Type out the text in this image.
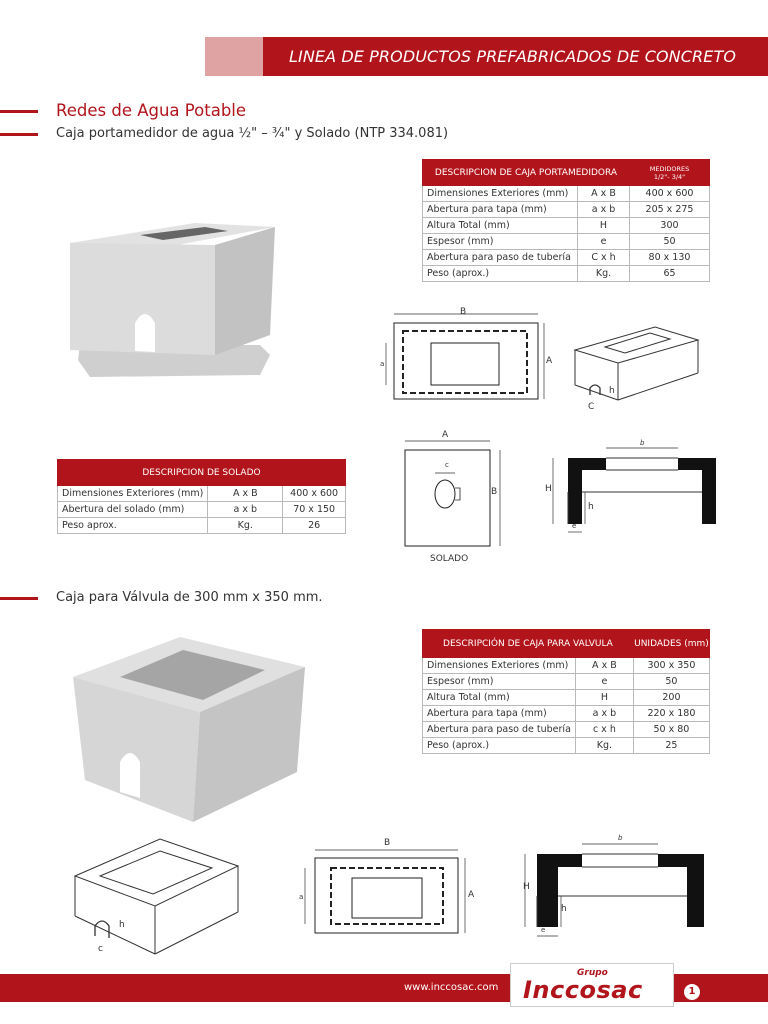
LINEA DE PRODUCTOS PREFABRICADOS DE CONCRETO
Redes de Agua Potable
Caja portamedidor de agua ½" – ¾" y Solado (NTP 334.081)
DESCRIPCION DE CAJA PORTAMEDIDORA		MEDIDORES
1/2"- 3/4"
Dimensiones Exteriores (mm)	A x B	400 x 600
Abertura para tapa (mm)	a x b	205 x 275
Altura Total (mm)	H	300
Espesor (mm)	e	50
Abertura para paso de tubería	C x h	80 x 130
Peso (aprox.)	Kg.	65
B
A
a
h
C
DESCRIPCION DE SOLADO		
Dimensiones Exteriores (mm)	A x B	400 x 600
Abertura del solado (mm)	a x b	70 x 150
Peso aprox.	Kg.	26
A
B
c
SOLADO
b
H
h
e
Caja para Válvula de 300 mm x 350 mm.
DESCRIPCIÓN DE CAJA PARA VALVULA		UNIDADES (mm)
Dimensiones Exteriores (mm)	A x B	300 x 350
Espesor (mm)	e	50
Altura Total (mm)	H	200
Abertura para tapa (mm)	a x b	220 x 180
Abertura para paso de tubería	c x h	50 x 80
Peso (aprox.)	Kg.	25
h
c
B
A
a
b
H
h
e
www.inccosac.com
Grupo
Inccosac	1
